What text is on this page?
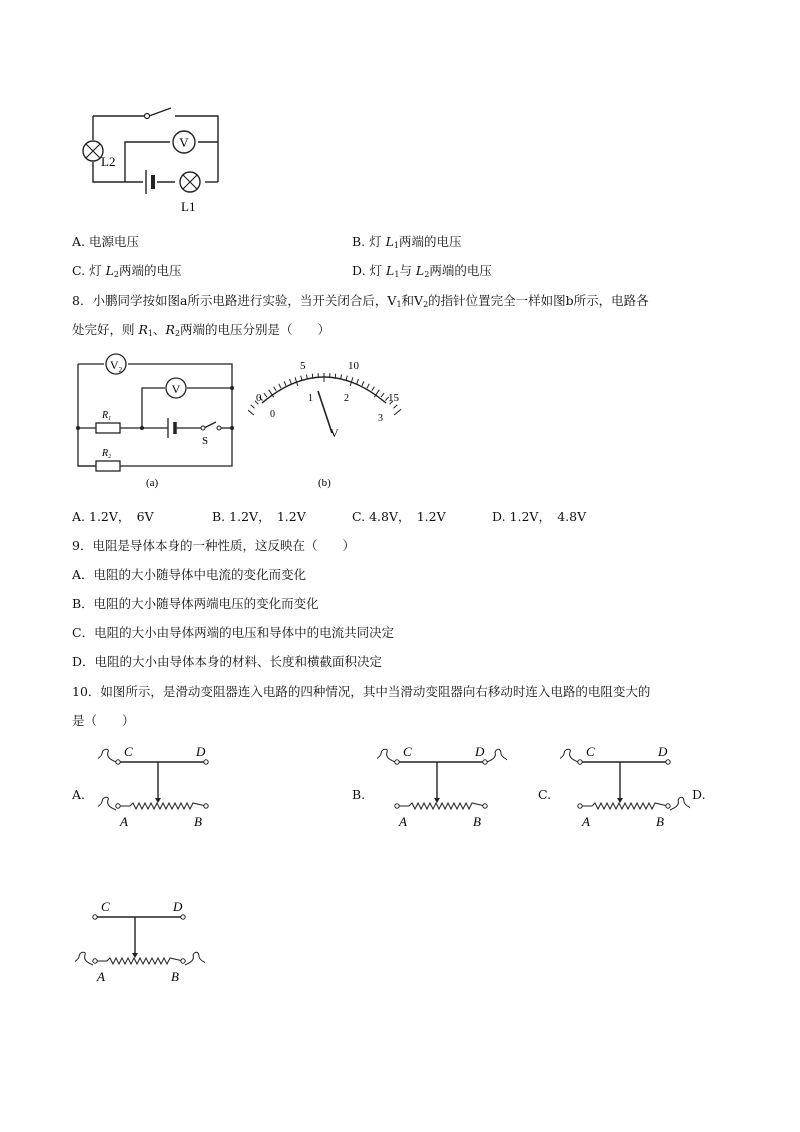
V
L2
L1
A. 电源电压	B. 灯 $L_1$两端的电压
C. 灯 $L_2$两端的电压	D. 灯 $L_1$与 $L_2$两端的电压
8．小鹏同学按如图a所示电路进行实验，当开关闭合后，$V_1$和$V_2$的指针位置完全一样如图b所示，电路各
处完好，则 $R_1$、$R_2$两端的电压分别是（　　）
$V_2$
V
$R_1$
$R_2$
S
(a)
0
5	10
15
0
1	2
3
V
(b)
A. 1.2V，　6V	B. 1.2V，　1.2V	C. 4.8V，　1.2V	D. 1.2V，　4.8V
9．电阻是导体本身的一种性质，这反映在（　　）
A．电阻的大小随导体中电流的变化而变化
B．电阻的大小随导体两端电压的变化而变化
C．电阻的大小由导体两端的电压和导体中的电流共同决定
D．电阻的大小由导体本身的材料、长度和横截面积决定
10．如图所示，是滑动变阻器连入电路的四种情况，其中当滑动变阻器向右移动时连入电路的电阻变大的
是（　　）
A.	B.	C.	D.
C	D
A	B
C	D
A	B
C	D
A	B
C	D
A	B
